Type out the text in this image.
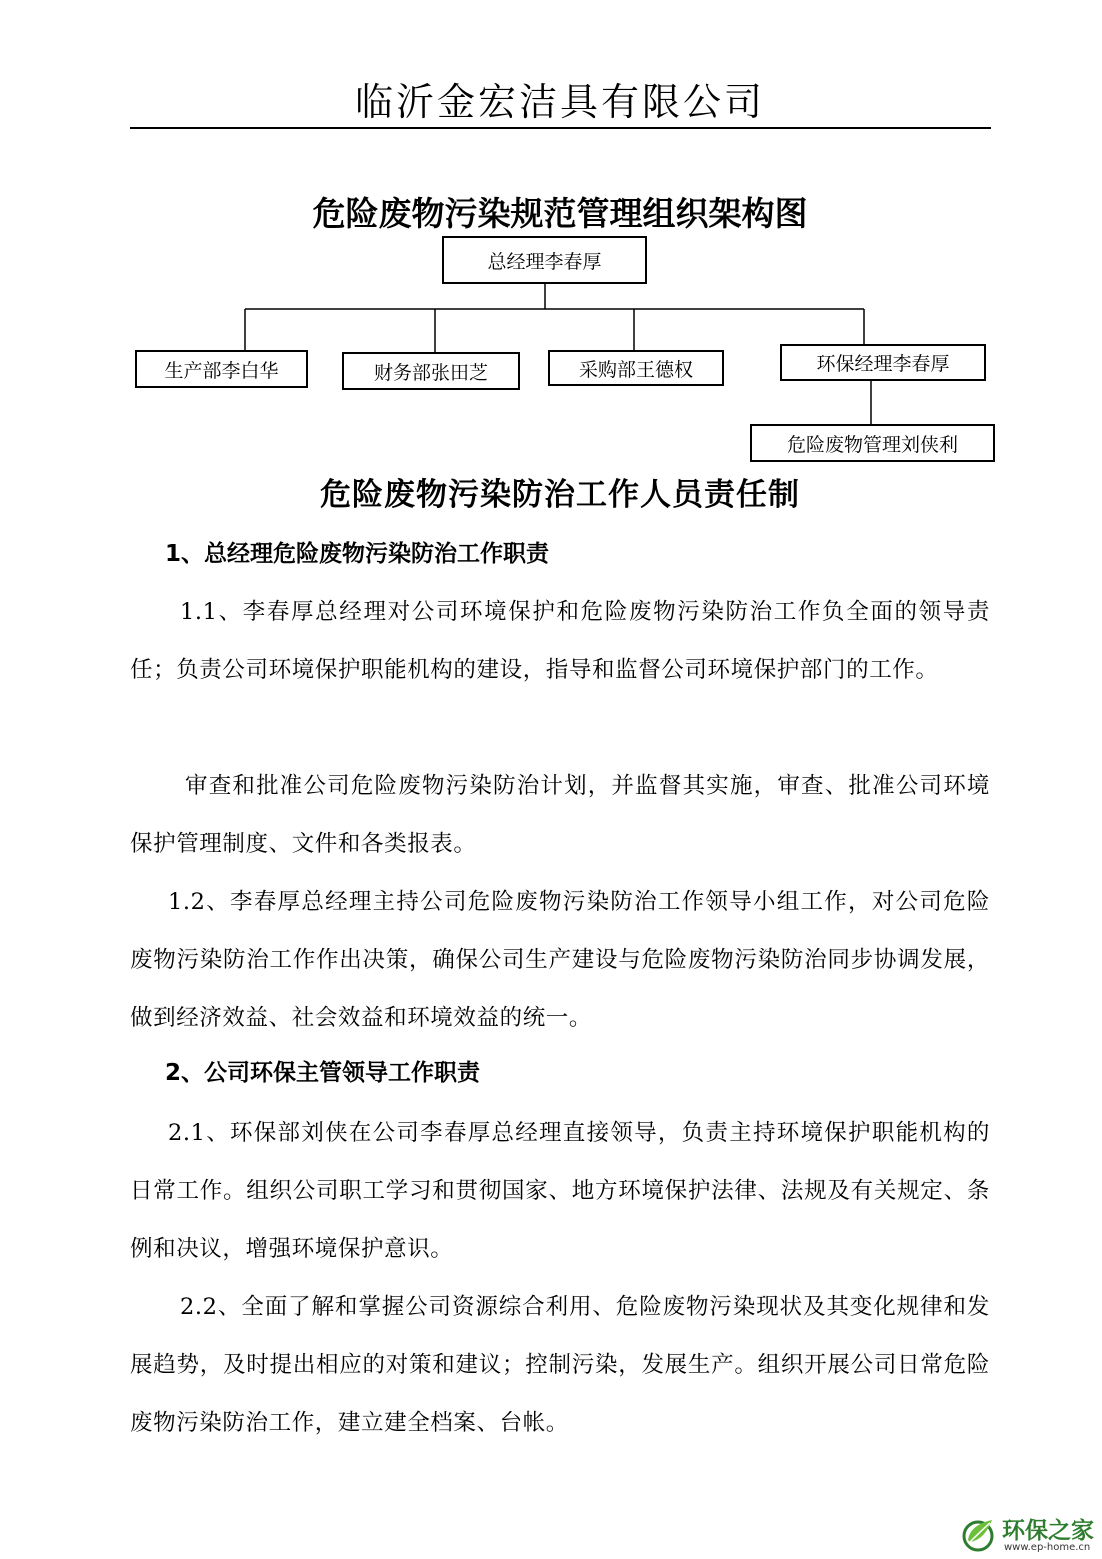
临沂金宏洁具有限公司
危险废物污染规范管理组织架构图
总经理李春厚
生产部李白华	财务部张田芝	采购部王德权	环保经理李春厚
危险废物管理刘侠利
危险废物污染防治工作人员责任制
1、总经理危险废物污染防治工作职责
1.1、李春厚总经理对公司环境保护和危险废物污染防治工作负全面的领导责任；负责公司环境保护职能机构的建设，指导和监督公司环境保护部门的工作。
审查和批准公司危险废物污染防治计划，并监督其实施，审查、批准公司环境保护管理制度、文件和各类报表。
1.2、李春厚总经理主持公司危险废物污染防治工作领导小组工作，对公司危险废物污染防治工作作出决策，确保公司生产建设与危险废物污染防治同步协调发展，做到经济效益、社会效益和环境效益的统一。
2、公司环保主管领导工作职责
2.1、环保部刘侠在公司李春厚总经理直接领导，负责主持环境保护职能机构的日常工作。组织公司职工学习和贯彻国家、地方环境保护法律、法规及有关规定、条例和决议，增强环境保护意识。
2.2、全面了解和掌握公司资源综合利用、危险废物污染现状及其变化规律和发展趋势，及时提出相应的对策和建议；控制污染，发展生产。组织开展公司日常危险废物污染防治工作，建立建全档案、台帐。
环保之家
www.ep-home.cn
